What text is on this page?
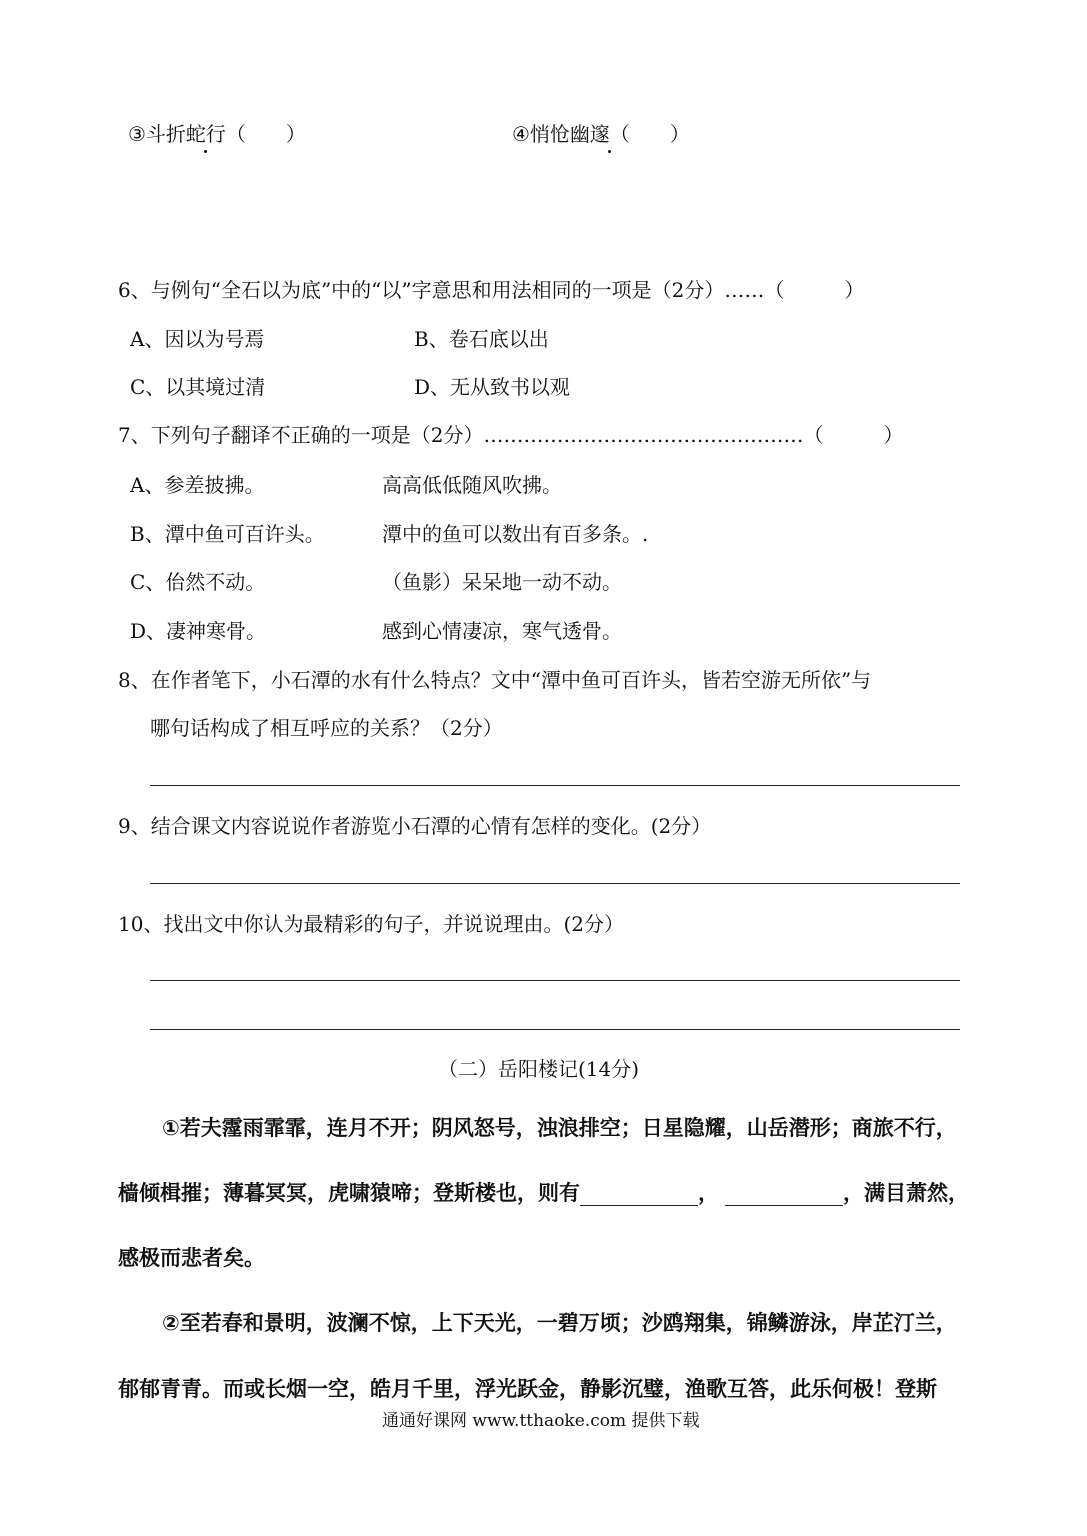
③斗折蛇行（　　）	④悄怆幽邃（　　）
6、与例句“全石以为底”中的“以”字意思和用法相同的一项是（2分）……（　　　）
A、因以为号焉	B、卷石底以出
C、以其境过清	D、无从致书以观
7、下列句子翻译不正确的一项是（2分）…………………………………………（　　　）
A、参差披拂。	高高低低随风吹拂。
B、潭中鱼可百许头。	潭中的鱼可以数出有百多条。.
C、佁然不动。	（鱼影）呆呆地一动不动。
D、凄神寒骨。	感到心情凄凉，寒气透骨。
8、在作者笔下，小石潭的水有什么特点？文中“潭中鱼可百许头，皆若空游无所依”与
哪句话构成了相互呼应的关系？（2分）
9、结合课文内容说说作者游览小石潭的心情有怎样的变化。(2分）
10、找出文中你认为最精彩的句子，并说说理由。(2分）
（二）岳阳楼记(14分)
①若夫霪雨霏霏，连月不开；阴风怒号，浊浪排空；日星隐耀，山岳潜形；商旅不行，
樯倾楫摧；薄暮冥冥，虎啸猿啼；登斯楼也，则有	，	，满目萧然，
感极而悲者矣。
②至若春和景明，波澜不惊，上下天光，一碧万顷；沙鸥翔集，锦鳞游泳，岸芷汀兰，
郁郁青青。而或长烟一空，皓月千里，浮光跃金，静影沉璧，渔歌互答，此乐何极！登斯
通通好课网 www.tthaoke.com 提供下载
